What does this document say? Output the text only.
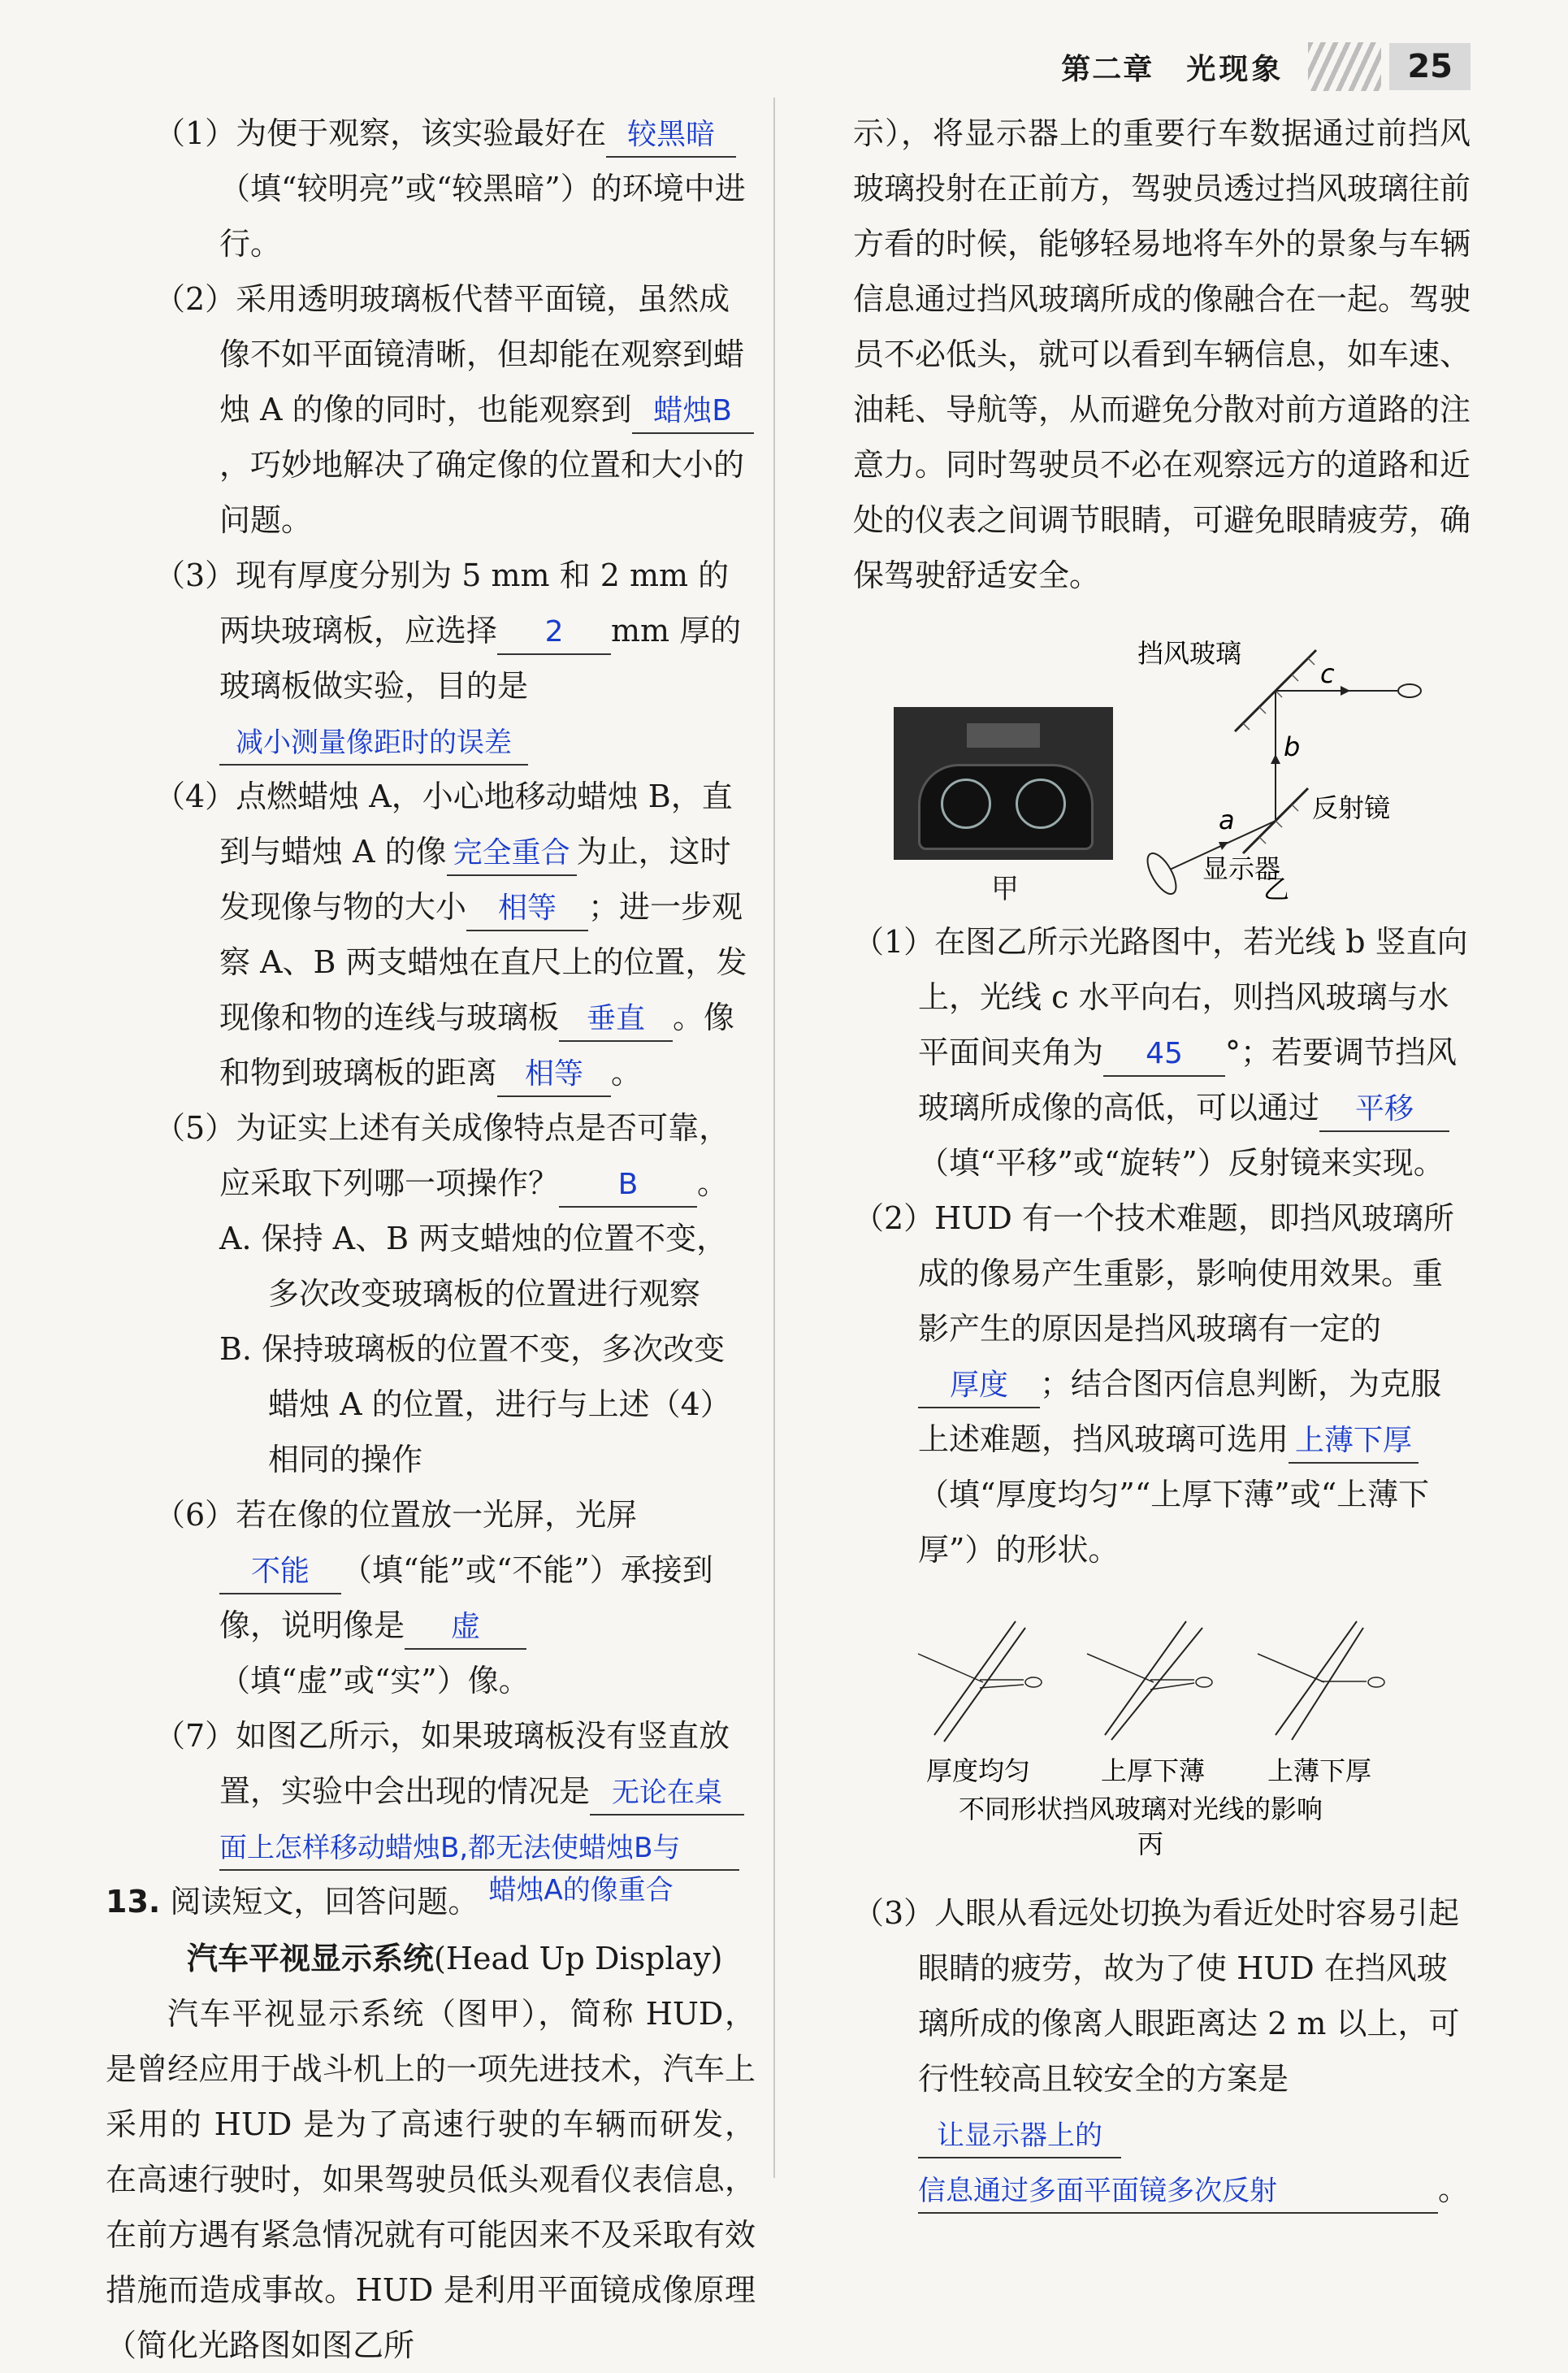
第二章 光现象	25

（1）为便于观察，该实验最好在 较黑暗（填“较明亮”或“较黑暗”）的环境中进行。

（2）采用透明玻璃板代替平面镜，虽然成像不如平面镜清晰，但却能在观察到蜡烛 A 的像的同时，也能观察到 蜡烛B，巧妙地解决了确定像的位置和大小的问题。

（3）现有厚度分别为 5 mm 和 2 mm 的两块玻璃板，应选择 2 mm 厚的玻璃板做实验，目的是减小测量像距时的误差

（4）点燃蜡烛 A，小心地移动蜡烛 B，直到与蜡烛 A 的像 完全重合 为止，这时发现像与物的大小 相等 ；进一步观察 A、B 两支蜡烛在直尺上的位置，发现像和物的连线与玻璃板 垂直 。像和物到玻璃板的距离 相等 。

（5）为证实上述有关成像特点是否可靠，应采取下列哪一项操作？ B 。

A. 保持 A、B 两支蜡烛的位置不变，多次改变玻璃板的位置进行观察

B. 保持玻璃板的位置不变，多次改变蜡烛 A 的位置，进行与上述（4）相同的操作

（6）若在像的位置放一光屏，光屏不能 （填“能”或“不能”）承接到像，说明像是 虚（填“虚”或“实”）像。

（7）如图乙所示，如果玻璃板没有竖直放置，实验中会出现的情况是 无论在桌
面上怎样移动蜡烛B,都无法使蜡烛B与

13. 阅读短文，回答问题。 蜡烛A的像重合

汽车平视显示系统(Head Up Display)

汽车平视显示系统（图甲），简称 HUD，是曾经应用于战斗机上的一项先进技术，汽车上采用的 HUD 是为了高速行驶的车辆而研发，在高速行驶时，如果驾驶员低头观看仪表信息，在前方遇有紧急情况就有可能因来不及采取有效措施而造成事故。HUD 是利用平面镜成像原理（简化光路图如图乙所

示），将显示器上的重要行车数据通过前挡风玻璃投射在正前方，驾驶员透过挡风玻璃往前方看的时候，能够轻易地将车外的景象与车辆信息通过挡风玻璃所成的像融合在一起。驾驶员不必低头，就可以看到车辆信息，如车速、油耗、导航等，从而避免分散对前方道路的注意力。同时驾驶员不必在观察远方的道路和近处的仪表之间调节眼睛，可避免眼睛疲劳，确保驾驶舒适安全。

甲
挡风玻璃
c
b
反射镜
a
显示器
乙

（1）在图乙所示光路图中，若光线 b 竖直向上，光线 c 水平向右，则挡风玻璃与水平面间夹角为 45 °；若要调节挡风玻璃所成像的高低，可以通过 平移（填“平移”或“旋转”）反射镜来实现。

（2）HUD 有一个技术难题，即挡风玻璃所成的像易产生重影，影响使用效果。重影产生的原因是挡风玻璃有一定的厚度 ；结合图丙信息判断，为克服上述难题，挡风玻璃可选用 上薄下厚（填“厚度均匀”“上厚下薄”或“上薄下厚”）的形状。

厚度均匀	上厚下薄 上薄下厚
不同形状挡风玻璃对光线的影响
丙

（3）人眼从看远处切换为看近处时容易引起眼睛的疲劳，故为了使 HUD 在挡风玻璃所成的像离人眼距离达 2 m 以上，可行性较高且较安全的方案是让显示器上的
信息通过多面平面镜多次反射	。
